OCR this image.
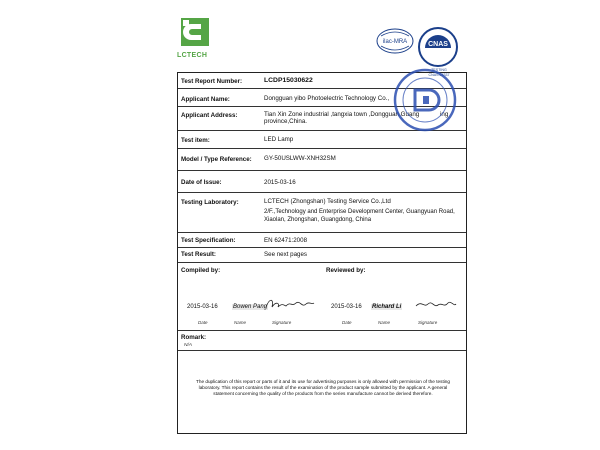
LCTECH
ilac-MRA	CNAS
TESTING
CNAS L5337
Test Report Number:	LCDP15030622
Applicant Name:	Dongguan yibo Photoelectric Technology Co.,
Applicant Address:	Tian Xin Zone industrial ,tangxia town ,Dongguan,Guang	ing
province,China.
Test item:	LED Lamp
Model / Type Reference: GY-50USLWW-XNH32SM
Date of Issue:	2015-03-16
Testing Laboratory:	LCTECH (Zhongshan) Testing Service Co.,Ltd
2/F.,Technology and Enterprise Development Center, Guangyuan Road, Xiaolan, Zhongshan, Guangdong, China
Test Specification:	EN 62471:2008
Test Result:	See next pages
Compiled by:	Reviewed by:
2015-03-16	Bowen Pang	2015-03-16 Richard Li
Date	Name	Signature	Date	Name	Signature
Romark:
N/A
The duplication of this report or parts of it and its use for advertising purposes is only allowed with permission of the testing laboratory. This report contains the result of the examination of the product sample submitted by the applicant. A general statement concerning the quality of the products from the series manufacture cannot be derived therefore.
